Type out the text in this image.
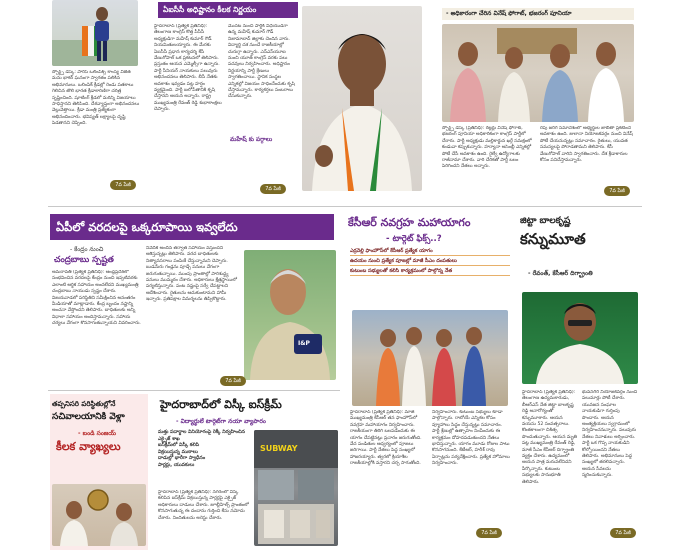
స్పోర్ట్స్ డెస్క్: పారిస్ ఒలింపిక్స్ కాంస్య విజేత మను భాకర్ ఘనంగా స్వాగతం పలికిన అభిమానులు. ఒలింపిక్ క్రీడల్లో రెండు పతకాలు గెలిచిన తొలి భారత క్రీడాకారిణిగా చరిత్ర సృష్టించింది. షూటింగ్ క్రీడలో మరిన్ని విజయాలు సాధిస్తానని తెలిపింది. దేశవ్యాప్తంగా అభినందనలు వెల్లువెత్తాయి. క్రీడా మంత్రి ప్రత్యేకంగా అభినందించారు. భవిష్యత్ లక్ష్యాలపై దృష్టి పెడతానని చెప్పింది.
7వ పేజీ
ఏఐసీసీ అధిష్టానం కీలక నిర్ణయం
హైదరాబాద్ (ప్రత్యేక ప్రతినిధి): తెలంగాణ కాంగ్రెస్ కొత్త పీసీసీ అధ్యక్షుడిగా మహేష్ కుమార్ గౌడ్ నియమితులయ్యారు. ఈ మేరకు ఏఐసీసీ ప్రధాన కార్యదర్శి కేసీ వేణుగోపాల్ ఒక ప్రకటనలో తెలిపారు. ప్రస్తుతం ఆయన ఎమ్మెల్సీగా ఉన్నారు. పార్టీ సీనియర్ నాయకులు పలువురు అభినందనలు తెలిపారు. బీసీ నేతకు అవకాశం ఇవ్వడం పట్ల హర్షం వ్యక్తమైంది. పార్టీ బలోపేతానికి కృషి చేస్తానని ఆయన అన్నారు. రాష్ట్ర ముఖ్యమంత్రి రేవంత్ రెడ్డి శుభాకాంక్షలు చెప్పారు.
మొదట నుంచి పార్టీకి విధేయుడిగా ఉన్న మహేష్ కుమార్ గౌడ్ నిజామాబాద్ జిల్లాకు చెందిన వారు. విద్యార్థి దశ నుంచే రాజకీయాల్లో చురుగ్గా ఉన్నారు. ఎన్ఎస్‌యూఐ నుంచి యూత్ కాంగ్రెస్ వరకు పలు పదవులు నిర్వహించారు. అధిష్టానం నిర్ణయాన్ని పార్టీ శ్రేణులు స్వాగతించాయి. స్థానిక సంస్థల ఎన్నికల్లో విజయం సాధించేందుకు కృషి చేస్తామన్నారు. కార్యకర్తలు సంబరాలు చేసుకున్నారు.
మహేష్ కు పగ్గాలు
7వ పేజీ
- అధికారంగా చేరిన వినేష్ ఫోగాట్, భజరంగ్ పూనియా
స్పోర్ట్స్ డెస్క్ (ప్రతినిధి): రెజ్లర్లు వినేష్ ఫోగాట్, భజరంగ్ పూనియా అధికారికంగా కాంగ్రెస్ పార్టీలో చేరారు. పార్టీ అధ్యక్షుడు మల్లికార్జున ఖర్గే సమక్షంలో కండువా కప్పుకున్నారు. హర్యానా అసెంబ్లీ ఎన్నికల్లో పోటీ చేసే అవకాశం ఉంది. రైల్వే ఉద్యోగాలకు రాజీనామా చేశారు. వారి చేరికతో పార్టీ బలం పెరిగిందని నేతలు అన్నారు.
రేపు జరిగే సమావేశంలో అభ్యర్థుల జాబితా ప్రకటించే అవకాశం ఉంది. జులానా నియోజకవర్గం నుంచి వినేష్ పోటీ చేయనున్నట్లు సమాచారం. రైతులు, యువత సమస్యలపై పోరాడతామని తెలిపారు. కేసీ వేణుగోపాల్ వారిని స్వాగతించారు. దేశ క్రీడాకారుల కోసం పనిచేస్తామన్నారు.
7వ పేజీ
ఏపీలో వరదలపై ఒక్కరూపాయి ఇవ్వలేదు
- కేంద్రం నుంచి
చంద్రబాబు స్పష్టత
అమరావతి (ప్రత్యేక ప్రతినిధి): ఆంధ్రప్రదేశ్‌లో సంభవించిన వరదలపై కేంద్రం నుంచి ఇప్పటివరకు ఎలాంటి ఆర్థిక సహాయం అందలేదని ముఖ్యమంత్రి చంద్రబాబు నాయుడు స్పష్టం చేశారు. విజయవాడలో పరిస్థితిని సమీక్షించిన అనంతరం మీడియాతో మాట్లాడారు. కేంద్ర బృందం నష్టాన్ని అంచనా వేస్తోందని తెలిపారు. బాధితులకు అన్ని విధాలా సహాయం అందిస్తామన్నారు. సహాయ చర్యలు వేగంగా కొనసాగుతున్నాయని వివరించారు.
నివేదిక అందిన తర్వాత సహాయం వస్తుందని ఆశిస్తున్నట్లు తెలిపారు. వరద బాధితులకు నిత్యావసరాలు పంపిణీ చేస్తున్నామని చెప్పారు. బుడమేరు గండ్లను పూడ్చే పనులు వేగంగా జరుగుతున్నాయి. ముంపు ప్రాంతాల్లో పారిశుద్ధ్య పనులు ముమ్మరం చేశారు. అధికారులు క్షేత్రస్థాయిలో పర్యటిస్తున్నారు. పంట నష్టంపై సర్వే చేపట్టాలని ఆదేశించారు. రైతులను ఆదుకుంటామని హామీ ఇచ్చారు. ప్రతిపక్షాల విమర్శలను తిప్పికొట్టారు.
I&P
7వ పేజీ
కేసీఆర్ నవగ్రహ మహాయాగం
- టార్గెట్ ఫిక్స్..?
ఎర్రవెల్లి ఫాంహౌస్‌లో కేసీఆర్ ప్రత్యేక యాగం
ఉదయం నుంచి ప్రత్యేక పూజల్లో మాజీ సీఎం దంపతులు
కుటుంబ సభ్యులతో కలిసి కార్యక్రమంలో పాల్గొన్న నేత
హైదరాబాద్ (ప్రత్యేక ప్రతినిధి): మాజీ ముఖ్యమంత్రి కేసీఆర్ తన ఫాంహౌస్‌లో నవగ్రహ మహాయాగం నిర్వహించారు. రాజకీయంగా తిరిగి బలపడేందుకు ఈ యాగం చేపట్టినట్లు ప్రచారం జరుగుతోంది. వేద పండితుల ఆధ్వర్యంలో పూజలు జరిగాయి. పార్టీ నేతలు పెద్ద సంఖ్యలో హాజరయ్యారు. త్వరలో క్రియాశీల రాజకీయాల్లోకి వస్తారని చర్చ సాగుతోంది.
నిర్వహించారు. కుటుంబ సభ్యులు కూడా పాల్గొన్నారు. రాబోయే ఎన్నికల కోసం వ్యూహాలు సిద్ధం చేస్తున్నట్లు సమాచారం. పార్టీ శ్రేణుల్లో ఉత్సాహం నింపేందుకు ఈ కార్యక్రమం దోహదపడుతుందని నేతలు భావిస్తున్నారు. యాగం మూడు రోజుల పాటు కొనసాగనుంది. కేటీఆర్, హరీశ్ రావు ఏర్పాట్లను పర్యవేక్షించారు. ప్రత్యేక హోమాలు నిర్వహించారు.
7వ పేజీ
జిట్టా బాలకృష్ణ
కన్నుమూత
- రేవంత్, కేసీఆర్ దిగ్భ్రాంతి
హైదరాబాద్ (ప్రత్యేక ప్రతినిధి): తెలంగాణ ఉద్యమకారుడు, బీఆర్ఎస్ నేత జిట్టా బాలకృష్ణ రెడ్డి అనారోగ్యంతో కన్నుమూశారు. ఆయన వయసు 52 సంవత్సరాలు. కొంతకాలంగా చికిత్స పొందుతున్నారు. ఆయన మృతి పట్ల ముఖ్యమంత్రి రేవంత్ రెడ్డి, మాజీ సీఎం కేసీఆర్ దిగ్భ్రాంతి వ్యక్తం చేశారు. ఉద్యమంలో ఆయన పాత్ర మరువలేనిదని పేర్కొన్నారు. కుటుంబ సభ్యులకు సానుభూతి తెలిపారు.
భువనగిరి నియోజకవర్గం నుంచి పలుమార్లు పోటీ చేశారు. యువజన సంఘాల నాయకుడిగా గుర్తింపు పొందారు. ఆయన అంత్యక్రియలు స్వగ్రామంలో నిర్వహించనున్నారు. పలువురు నేతలు నివాళులు అర్పించారు. పార్టీ ఒక గొప్ప నాయకుడిని కోల్పోయిందని నేతలు తెలిపారు. అభిమానులు పెద్ద సంఖ్యలో తరలివచ్చారు. ఆయన సేవలను స్మరించుకున్నారు.
7వ పేజీ
తప్పనిసరి పరిస్థితుల్లోనే
సచివాలయానికి వెళ్లా
- బండి సంజయ్
కీలక వ్యాఖ్యలు
హైదరాబాద్‌లో విస్కీ ఐస్‌క్రీమ్
- విద్యార్థులే టార్గెట్‌గా నయా వ్యాపారం
మత్తు పదార్థాల వినియోగంపై రెక్కీ నిర్వహించిన
ఎక్సైజ్ శాఖ
ఐస్‌క్రీమ్‌లో విస్కీ కలిపి
విక్రయిస్తున్న ముఠాలు
దాడుల్లో భారీగా స్వాధీనం
పార్లర్లు, యువకులు
హైదరాబాద్ (ప్రత్యేక ప్రతినిధి): నగరంలో విస్కీ కలిపిన ఐస్‌క్రీమ్ విక్రయిస్తున్న పార్లర్లపై ఎక్సైజ్ అధికారులు దాడులు చేశారు. జూబ్లీహిల్స్ ప్రాంతంలో కొనసాగుతున్న ఈ దందాను గుర్తించి కేసు నమోదు చేశారు. నిందితులను అరెస్టు చేశారు.
SUBWAY
